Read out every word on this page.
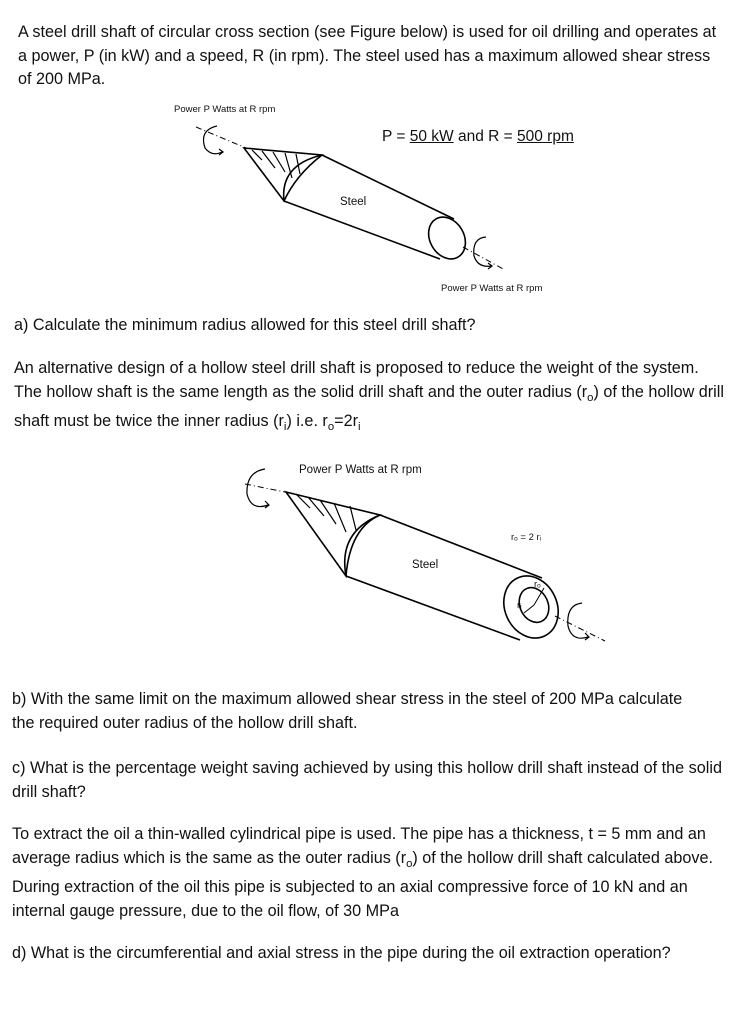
A steel drill shaft of circular cross section (see Figure below) is used for oil drilling and operates at a power, P (in kW) and a speed, R (in rpm). The steel used has a maximum allowed shear stress of 200 MPa.

Power P Watts at R rpm

P = 50 kW and R = 500 rpm

Steel

Power P Watts at R rpm

a) Calculate the minimum radius allowed for this steel drill shaft?

An alternative design of a hollow steel drill shaft is proposed to reduce the weight of the system. The hollow shaft is the same length as the solid drill shaft and the outer radius $(r_o)$ of the hollow drill shaft must be twice the inner radius $(r_i)$ i.e. $r_o=2r_i$

Power P Watts at R rpm

rₒ = 2 rᵢ

Steel

rₒ

rᵢ

b) With the same limit on the maximum allowed shear stress in the steel of 200 MPa calculate the required outer radius of the hollow drill shaft.

c) What is the percentage weight saving achieved by using this hollow drill shaft instead of the solid drill shaft?

To extract the oil a thin-walled cylindrical pipe is used. The pipe has a thickness, t = 5 mm and an average radius which is the same as the outer radius $(r_o)$ of the hollow drill shaft calculated above. During extraction of the oil this pipe is subjected to an axial compressive force of 10 kN and an internal gauge pressure, due to the oil flow, of 30 MPa

d) What is the circumferential and axial stress in the pipe during the oil extraction operation?
